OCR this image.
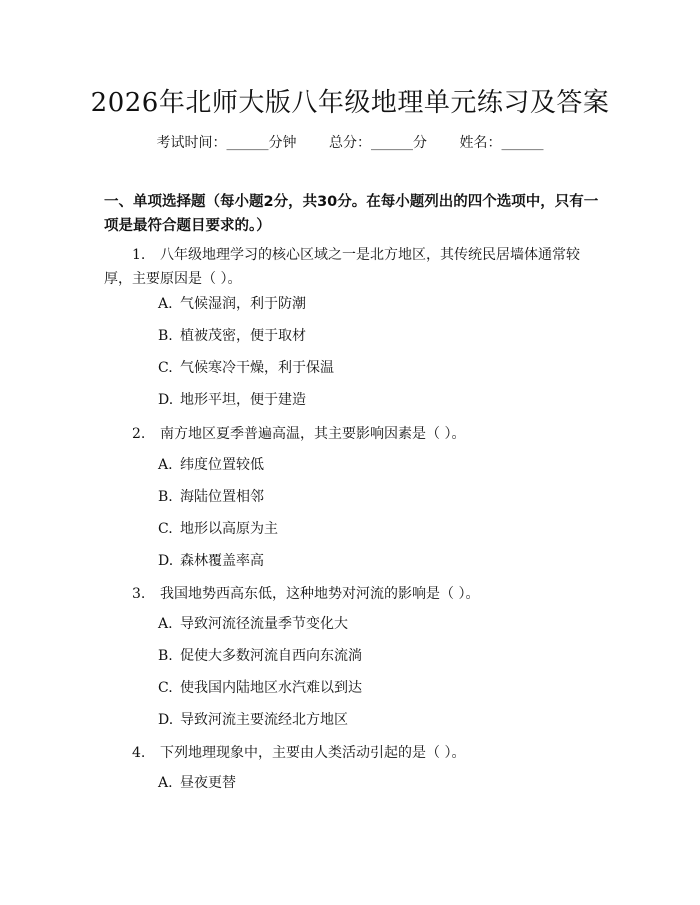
2026年北师大版八年级地理单元练习及答案
考试时间：______分钟 总分：______分 姓名：______
一、单项选择题（每小题2分，共30分。在每小题列出的四个选项中，只有一项是最符合题目要求的。）
1. 八年级地理学习的核心区域之一是北方地区，其传统民居墙体通常较厚，主要原因是（ ）。
A. 气候湿润，利于防潮
B. 植被茂密，便于取材
C. 气候寒冷干燥，利于保温
D. 地形平坦，便于建造
2. 南方地区夏季普遍高温，其主要影响因素是（ ）。
A. 纬度位置较低
B. 海陆位置相邻
C. 地形以高原为主
D. 森林覆盖率高
3. 我国地势西高东低，这种地势对河流的影响是（ ）。
A. 导致河流径流量季节变化大
B. 促使大多数河流自西向东流淌
C. 使我国内陆地区水汽难以到达
D. 导致河流主要流经北方地区
4. 下列地理现象中，主要由人类活动引起的是（ ）。
A. 昼夜更替
